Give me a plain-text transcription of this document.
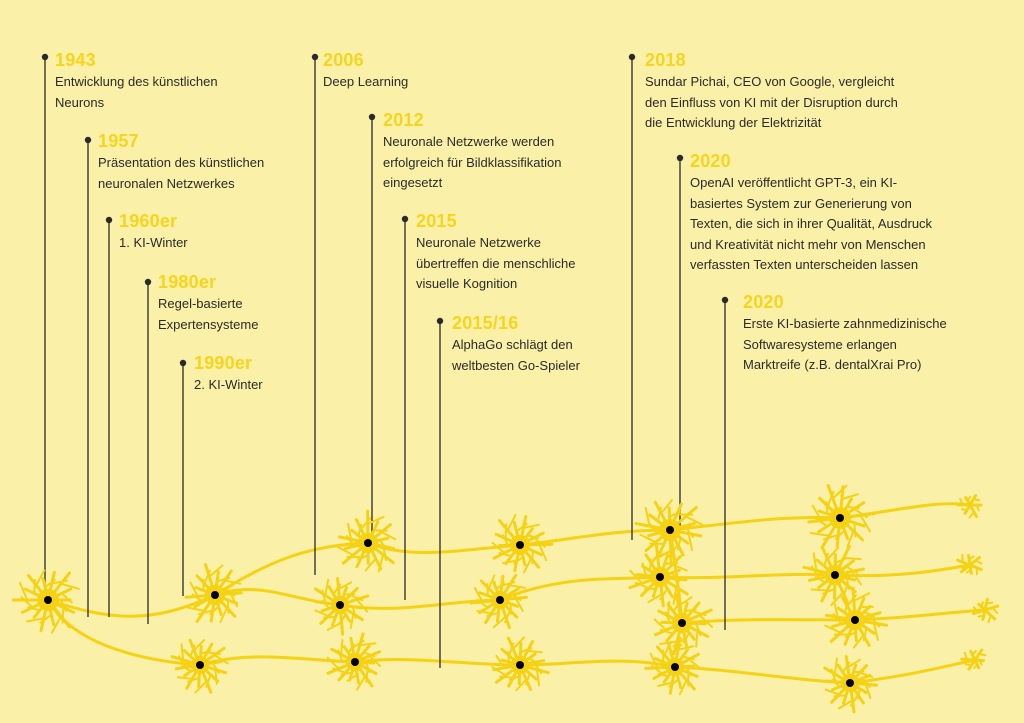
1943
Entwicklung des künstlichen
Neurons
1957
Präsentation des künstlichen
neuronalen Netzwerkes
1960er
1. KI-Winter
1980er
Regel-basierte
Expertensysteme
1990er
2. KI-Winter
2006
Deep Learning
2012
Neuronale Netzwerke werden
erfolgreich für Bildklassifikation
eingesetzt
2015
Neuronale Netzwerke
übertreffen die menschliche
visuelle Kognition
2015/16
AlphaGo schlägt den
weltbesten Go-Spieler
2018
Sundar Pichai, CEO von Google, vergleicht
den Einfluss von KI mit der Disruption durch
die Entwicklung der Elektrizität
2020
OpenAI veröffentlicht GPT-3, ein KI-
basiertes System zur Generierung von
Texten, die sich in ihrer Qualität, Ausdruck
und Kreativität nicht mehr von Menschen
verfassten Texten unterscheiden lassen
2020
Erste KI-basierte zahnmedizinische
Softwaresysteme erlangen
Marktreife (z.B. dentalXrai Pro)
